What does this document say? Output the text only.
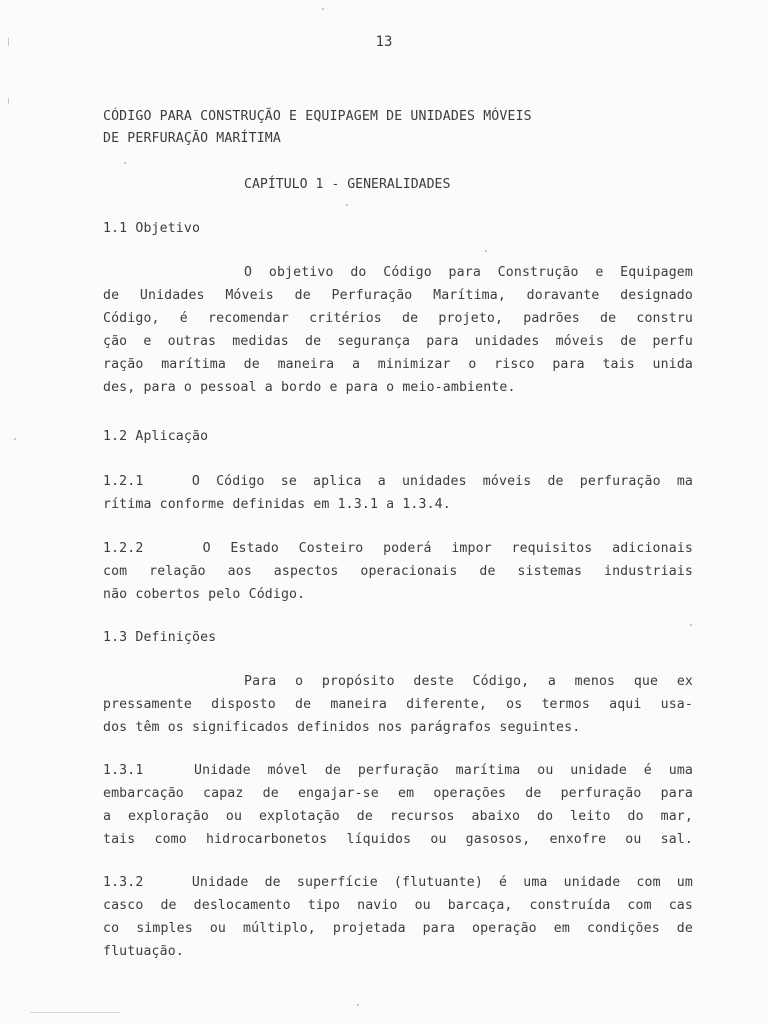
13
CÓDIGO PARA CONSTRUÇÃO E EQUIPAGEM DE UNIDADES MÓVEIS
DE PERFURAÇÃO MARÍTIMA
CAPÍTULO 1 - GENERALIDADES
1.1 Objetivo
O objetivo do Código para Construção e Equipagem
de Unidades Móveis de Perfuração Marítima, doravante designado
Código, é recomendar critérios de projeto, padrões de constru
ção e outras medidas de segurança para unidades móveis de perfu
ração marítima de maneira a minimizar o risco para tais unida
des, para o pessoal a bordo e para o meio-ambiente.
1.2 Aplicação
1.2.1   O Código se aplica a unidades móveis de perfuração ma
rítima conforme definidas em 1.3.1 a 1.3.4.
1.2.2   O Estado Costeiro poderá impor requisitos adicionais
com relação aos aspectos operacionais de sistemas industriais
não cobertos pelo Código.
1.3 Definições
Para o propósito deste Código, a menos que ex
pressamente disposto de maneira diferente, os termos aqui usa-
dos têm os significados definidos nos parágrafos seguintes.
1.3.1   Unidade móvel de perfuração marítima ou unidade é uma
embarcação capaz de engajar-se em operações de perfuração para
a exploração ou explotação de recursos abaixo do leito do mar,
tais como hidrocarbonetos líquidos ou gasosos, enxofre ou sal.
1.3.2   Unidade de superfície (flutuante) é uma unidade com um
casco de deslocamento tipo navio ou barcaça, construída com cas
co simples ou múltiplo, projetada para operação em condições de
flutuação.
